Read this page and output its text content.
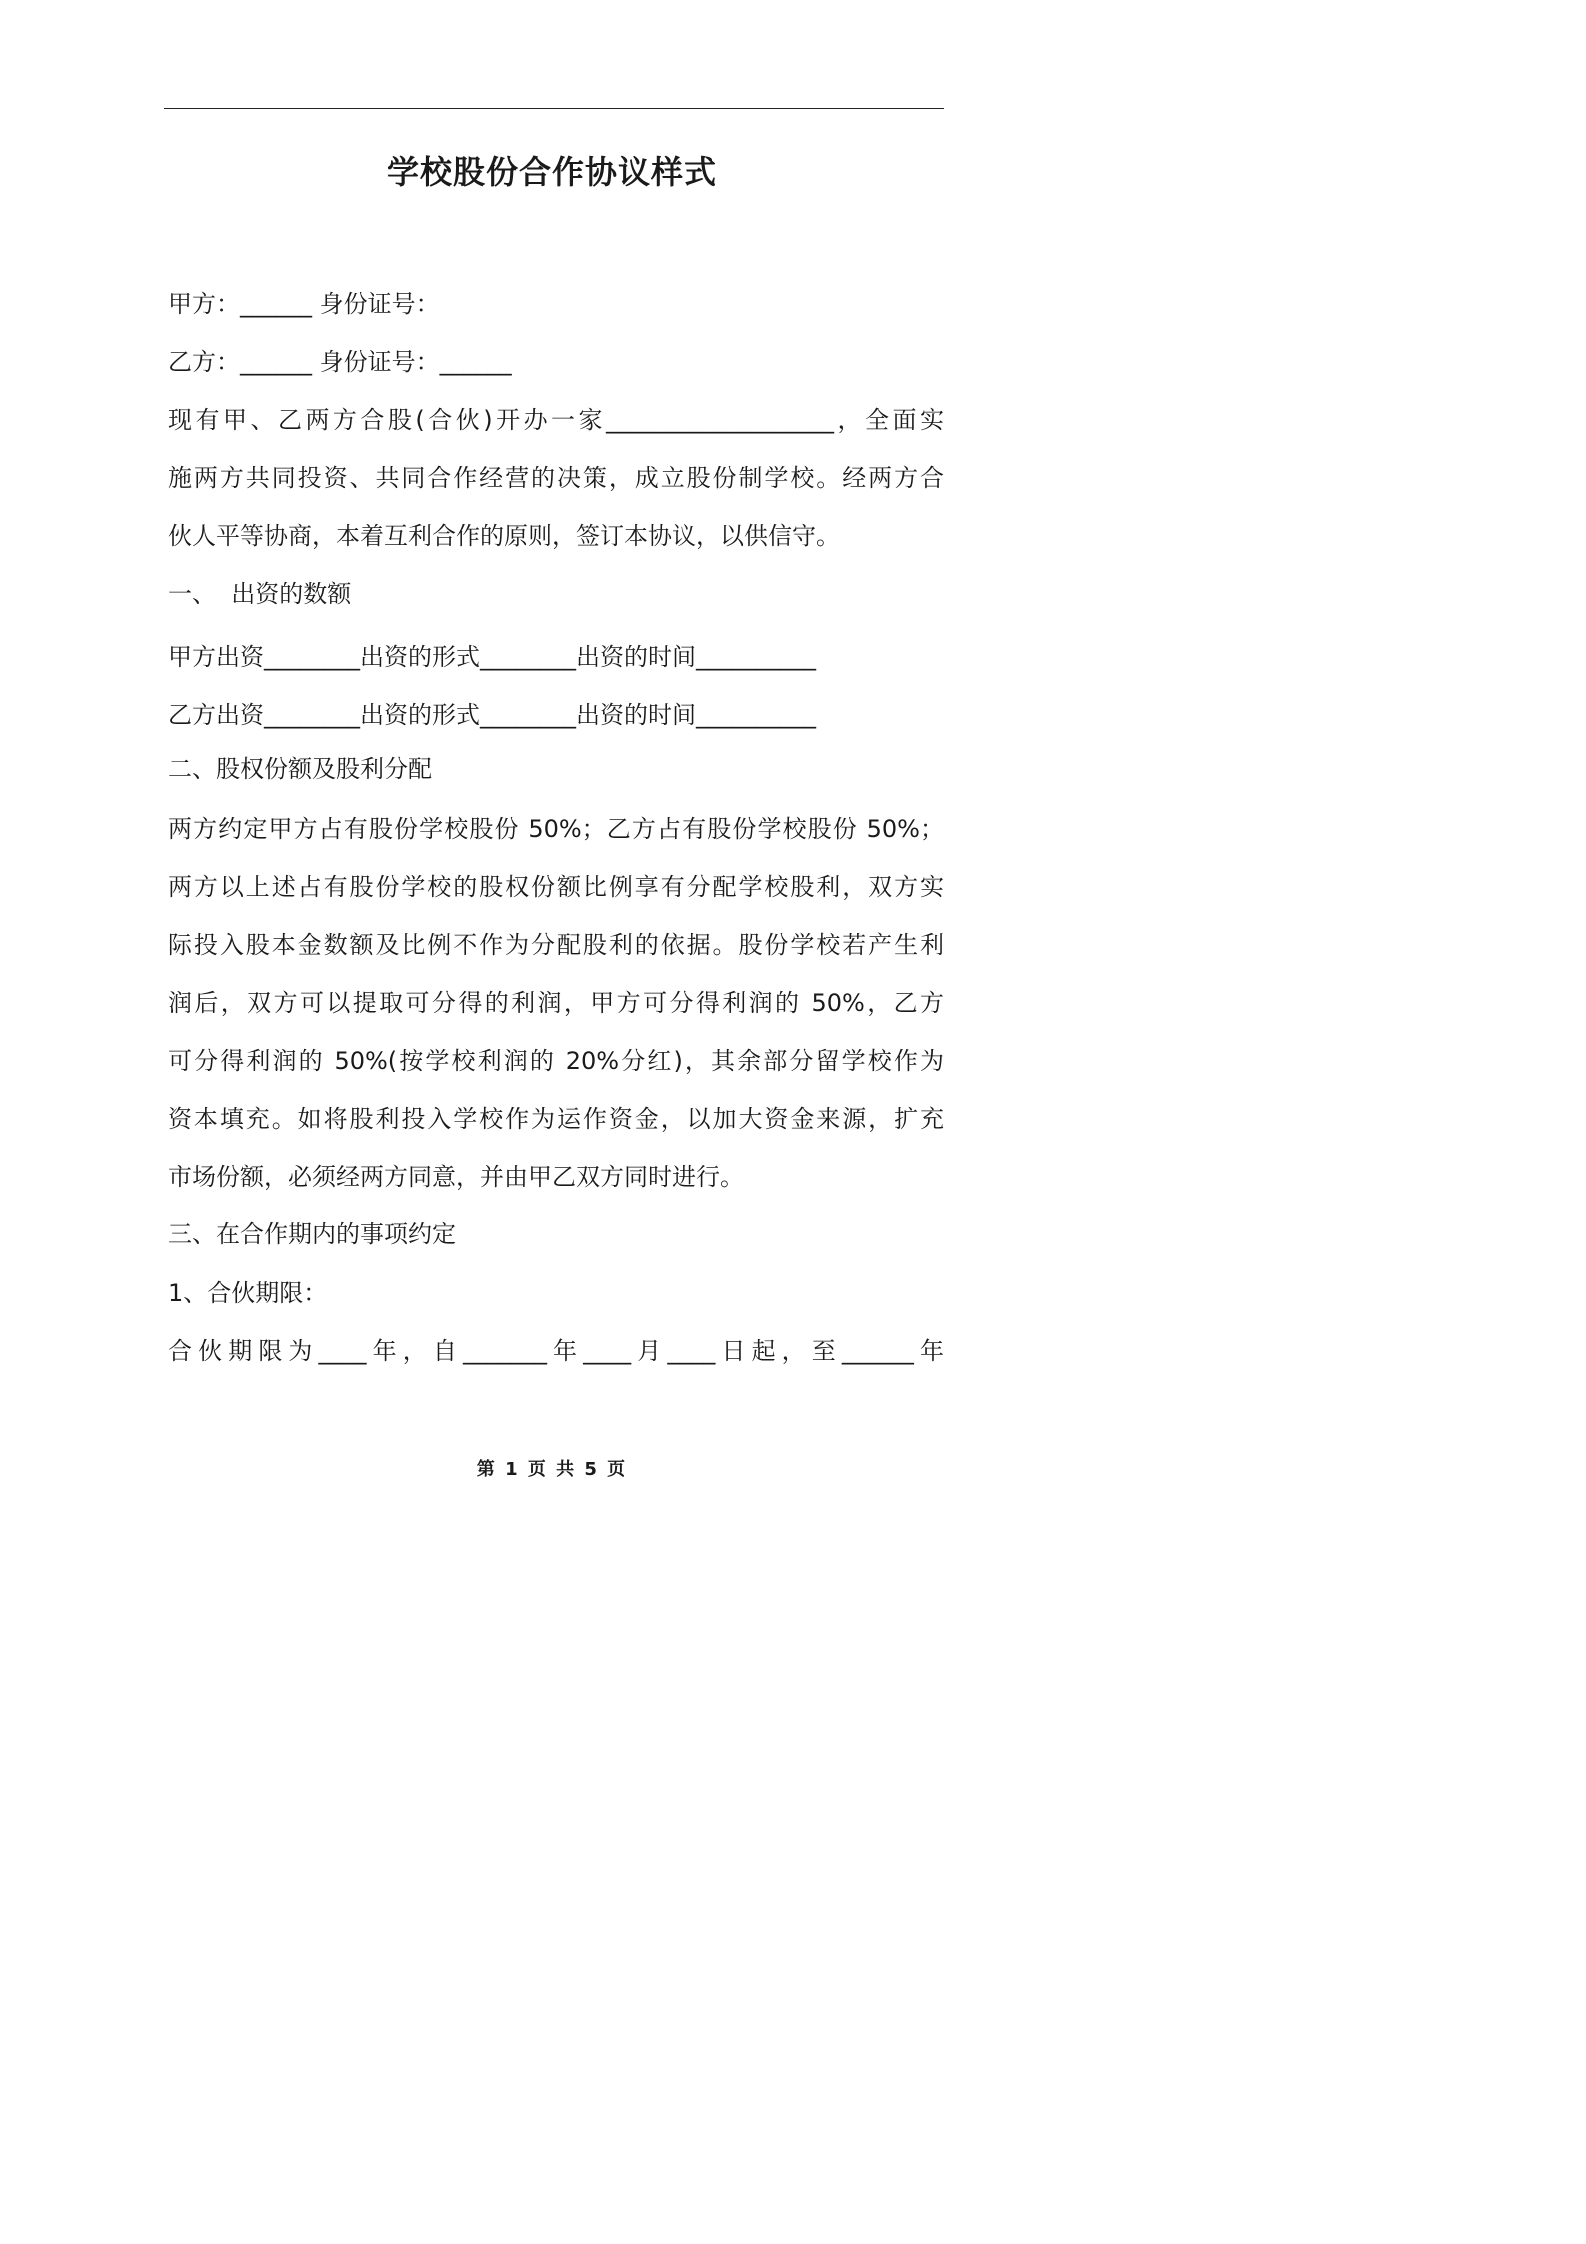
学校股份合作协议样式
甲方：______ 身份证号：
乙方：______ 身份证号：______
现有甲、乙两方合股(合伙)开办一家___________________，全面实
施两方共同投资、共同合作经营的决策，成立股份制学校。经两方合
伙人平等协商，本着互利合作的原则，签订本协议，以供信守。
一、  出资的数额
甲方出资________出资的形式________出资的时间__________
乙方出资________出资的形式________出资的时间__________
二、股权份额及股利分配
两方约定甲方占有股份学校股份 50%；乙方占有股份学校股份 50%；
两方以上述占有股份学校的股权份额比例享有分配学校股利，双方实
际投入股本金数额及比例不作为分配股利的依据。股份学校若产生利
润后，双方可以提取可分得的利润，甲方可分得利润的 50%，乙方
可分得利润的 50%(按学校利润的 20%分红)，其余部分留学校作为
资本填充。如将股利投入学校作为运作资金，以加大资金来源，扩充
市场份额，必须经两方同意，并由甲乙双方同时进行。
三、在合作期内的事项约定
1、合伙期限：
合伙期限为____年，自_______年____月____日起，至______年
第 1 页 共 5 页
